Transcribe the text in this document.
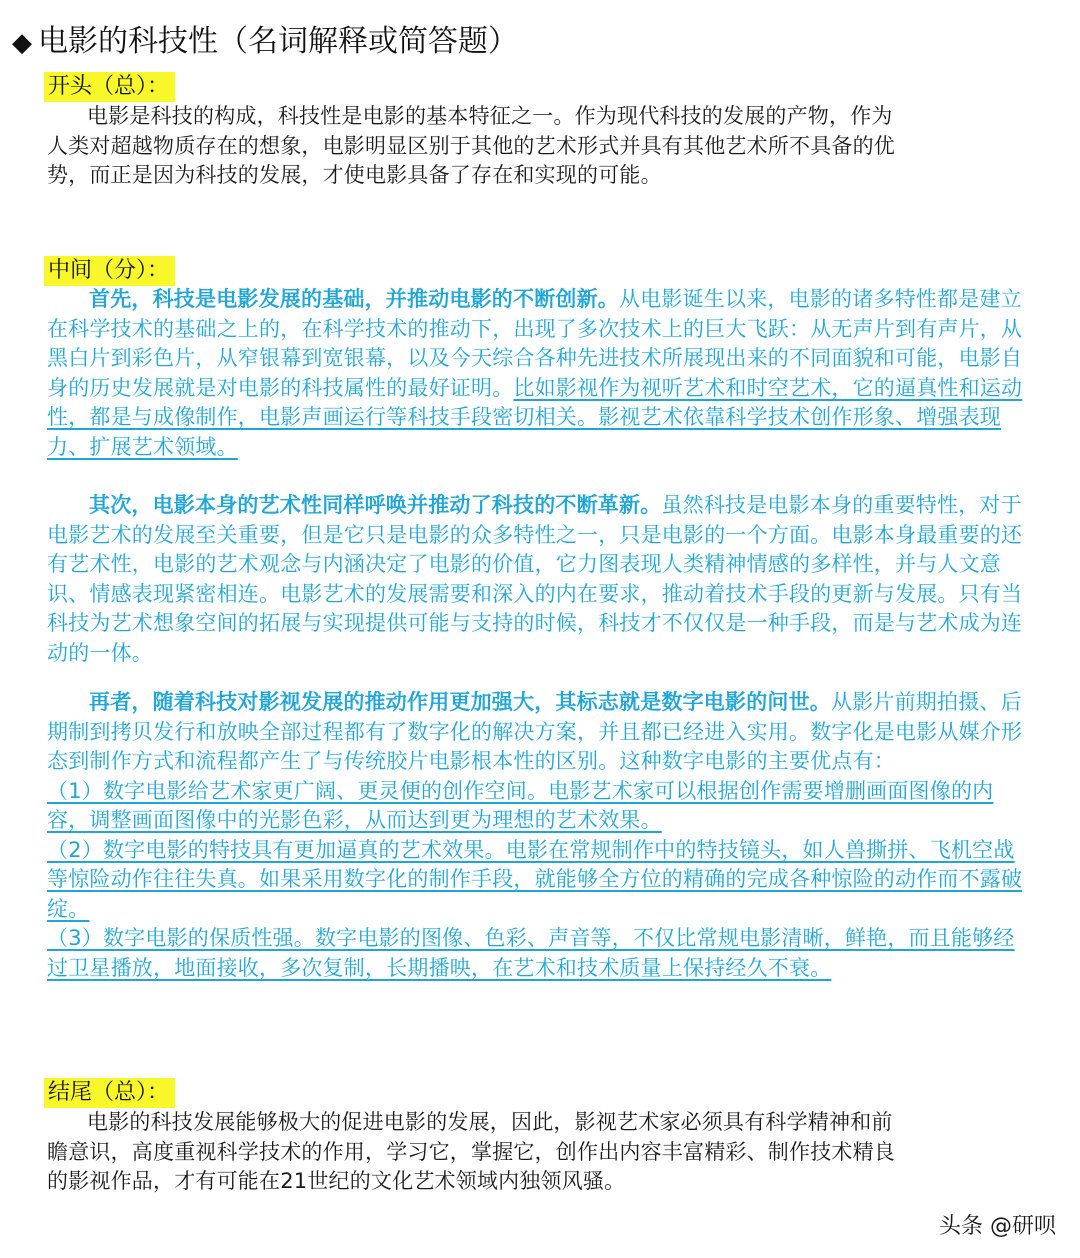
◆ 电影的科技性（名词解释或简答题）
开头（总）：

电影是科技的构成，科技性是电影的基本特征之一。作为现代科技的发展的产物，作为人类对超越物质存在的想象，电影明显区别于其他的艺术形式并具有其他艺术所不具备的优势，而正是因为科技的发展，才使电影具备了存在和实现的可能。

中间（分）：

首先，科技是电影发展的基础，并推动电影的不断创新。从电影诞生以来，电影的诸多特性都是建立在科学技术的基础之上的，在科学技术的推动下，出现了多次技术上的巨大飞跃：从无声片到有声片，从黑白片到彩色片，从窄银幕到宽银幕，以及今天综合各种先进技术所展现出来的不同面貌和可能，电影自身的历史发展就是对电影的科技属性的最好证明。比如影视作为视听艺术和时空艺术，它的逼真性和运动性，都是与成像制作，电影声画运行等科技手段密切相关。影视艺术依靠科学技术创作形象、增强表现力、扩展艺术领域。

其次，电影本身的艺术性同样呼唤并推动了科技的不断革新。虽然科技是电影本身的重要特性，对于电影艺术的发展至关重要，但是它只是电影的众多特性之一，只是电影的一个方面。电影本身最重要的还有艺术性，电影的艺术观念与内涵决定了电影的价值，它力图表现人类精神情感的多样性，并与人文意识、情感表现紧密相连。电影艺术的发展需要和深入的内在要求，推动着技术手段的更新与发展。只有当科技为艺术想象空间的拓展与实现提供可能与支持的时候，科技才不仅仅是一种手段，而是与艺术成为连动的一体。

再者，随着科技对影视发展的推动作用更加强大，其标志就是数字电影的问世。从影片前期拍摄、后期制到拷贝发行和放映全部过程都有了数字化的解决方案，并且都已经进入实用。数字化是电影从媒介形态到制作方式和流程都产生了与传统胶片电影根本性的区别。这种数字电影的主要优点有：
（1）数字电影给艺术家更广阔、更灵便的创作空间。电影艺术家可以根据创作需要增删画面图像的内容，调整画面图像中的光影色彩，从而达到更为理想的艺术效果。
（2）数字电影的特技具有更加逼真的艺术效果。电影在常规制作中的特技镜头，如人兽撕拼、飞机空战等惊险动作往往失真。如果采用数字化的制作手段，就能够全方位的精确的完成各种惊险的动作而不露破绽。
（3）数字电影的保质性强。数字电影的图像、色彩、声音等，不仅比常规电影清晰，鲜艳，而且能够经过卫星播放，地面接收，多次复制，长期播映，在艺术和技术质量上保持经久不衰。

结尾（总）：

电影的科技发展能够极大的促进电影的发展，因此，影视艺术家必须具有科学精神和前瞻意识，高度重视科学技术的作用，学习它，掌握它，创作出内容丰富精彩、制作技术精良的影视作品，才有可能在21世纪的文化艺术领域内独领风骚。

头条 @研呗
